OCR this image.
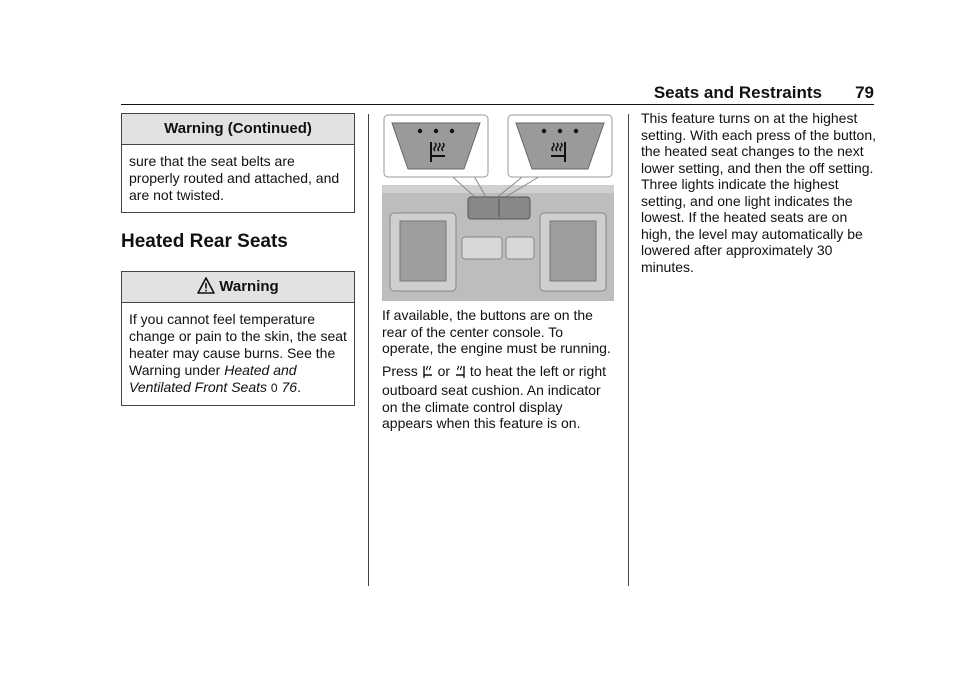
Seats and Restraints 79
Warning (Continued)
sure that the seat belts are properly routed and attached, and are not twisted.
Heated Rear Seats
Warning
If you cannot feel temperature change or pain to the skin, the seat heater may cause burns. See the Warning under Heated and Ventilated Front Seats 0 76.

If available, the buttons are on the rear of the center console. To operate, the engine must be running.

Press or to heat the left or right outboard seat cushion. An indicator on the climate control display appears when this feature is on.

This feature turns on at the highest setting. With each press of the button, the heated seat changes to the next lower setting, and then the off setting. Three lights indicate the highest setting, and one light indicates the lowest. If the heated seats are on high, the level may automatically be lowered after approximately 30 minutes.
